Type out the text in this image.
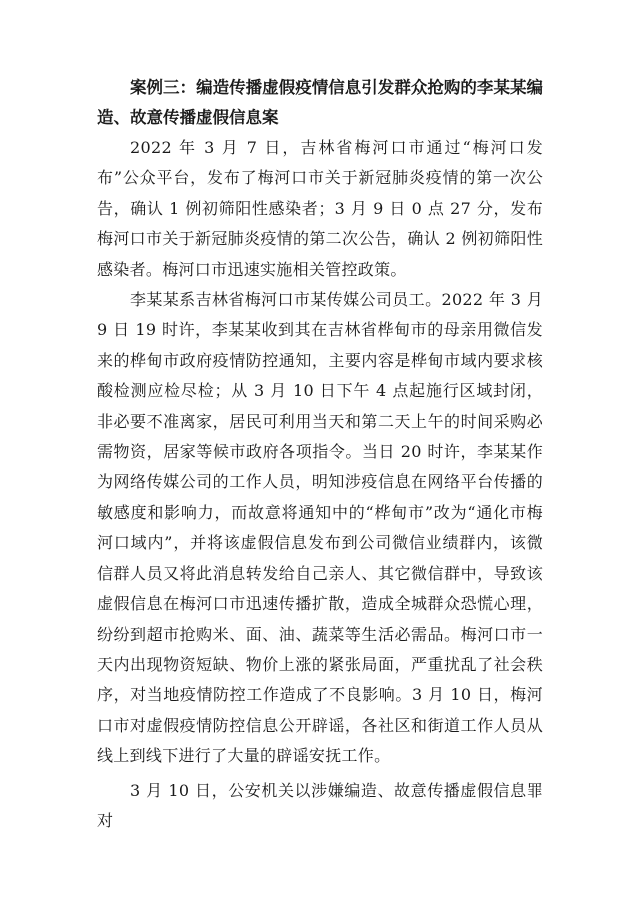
案例三：编造传播虚假疫情信息引发群众抢购的李某某编造、故意传播虚假信息案

2022 年 3 月 7 日，吉林省梅河口市通过“梅河口发布”公众平台，发布了梅河口市关于新冠肺炎疫情的第一次公告，确认 1 例初筛阳性感染者；3 月 9 日 0 点 27 分，发布梅河口市关于新冠肺炎疫情的第二次公告，确认 2 例初筛阳性感染者。梅河口市迅速实施相关管控政策。

李某某系吉林省梅河口市某传媒公司员工。2022 年 3 月 9 日 19 时许，李某某收到其在吉林省桦甸市的母亲用微信发来的桦甸市政府疫情防控通知，主要内容是桦甸市域内要求核酸检测应检尽检；从 3 月 10 日下午 4 点起施行区域封闭，非必要不准离家，居民可利用当天和第二天上午的时间采购必需物资，居家等候市政府各项指令。当日 20 时许，李某某作为网络传媒公司的工作人员，明知涉疫信息在网络平台传播的敏感度和影响力，而故意将通知中的“桦甸市”改为“通化市梅河口域内”，并将该虚假信息发布到公司微信业绩群内，该微信群人员又将此消息转发给自己亲人、其它微信群中，导致该虚假信息在梅河口市迅速传播扩散，造成全城群众恐慌心理，纷纷到超市抢购米、面、油、蔬菜等生活必需品。梅河口市一天内出现物资短缺、物价上涨的紧张局面，严重扰乱了社会秩序，对当地疫情防控工作造成了不良影响。3 月 10 日，梅河口市对虚假疫情防控信息公开辟谣，各社区和街道工作人员从线上到线下进行了大量的辟谣安抚工作。

3 月 10 日，公安机关以涉嫌编造、故意传播虚假信息罪对
